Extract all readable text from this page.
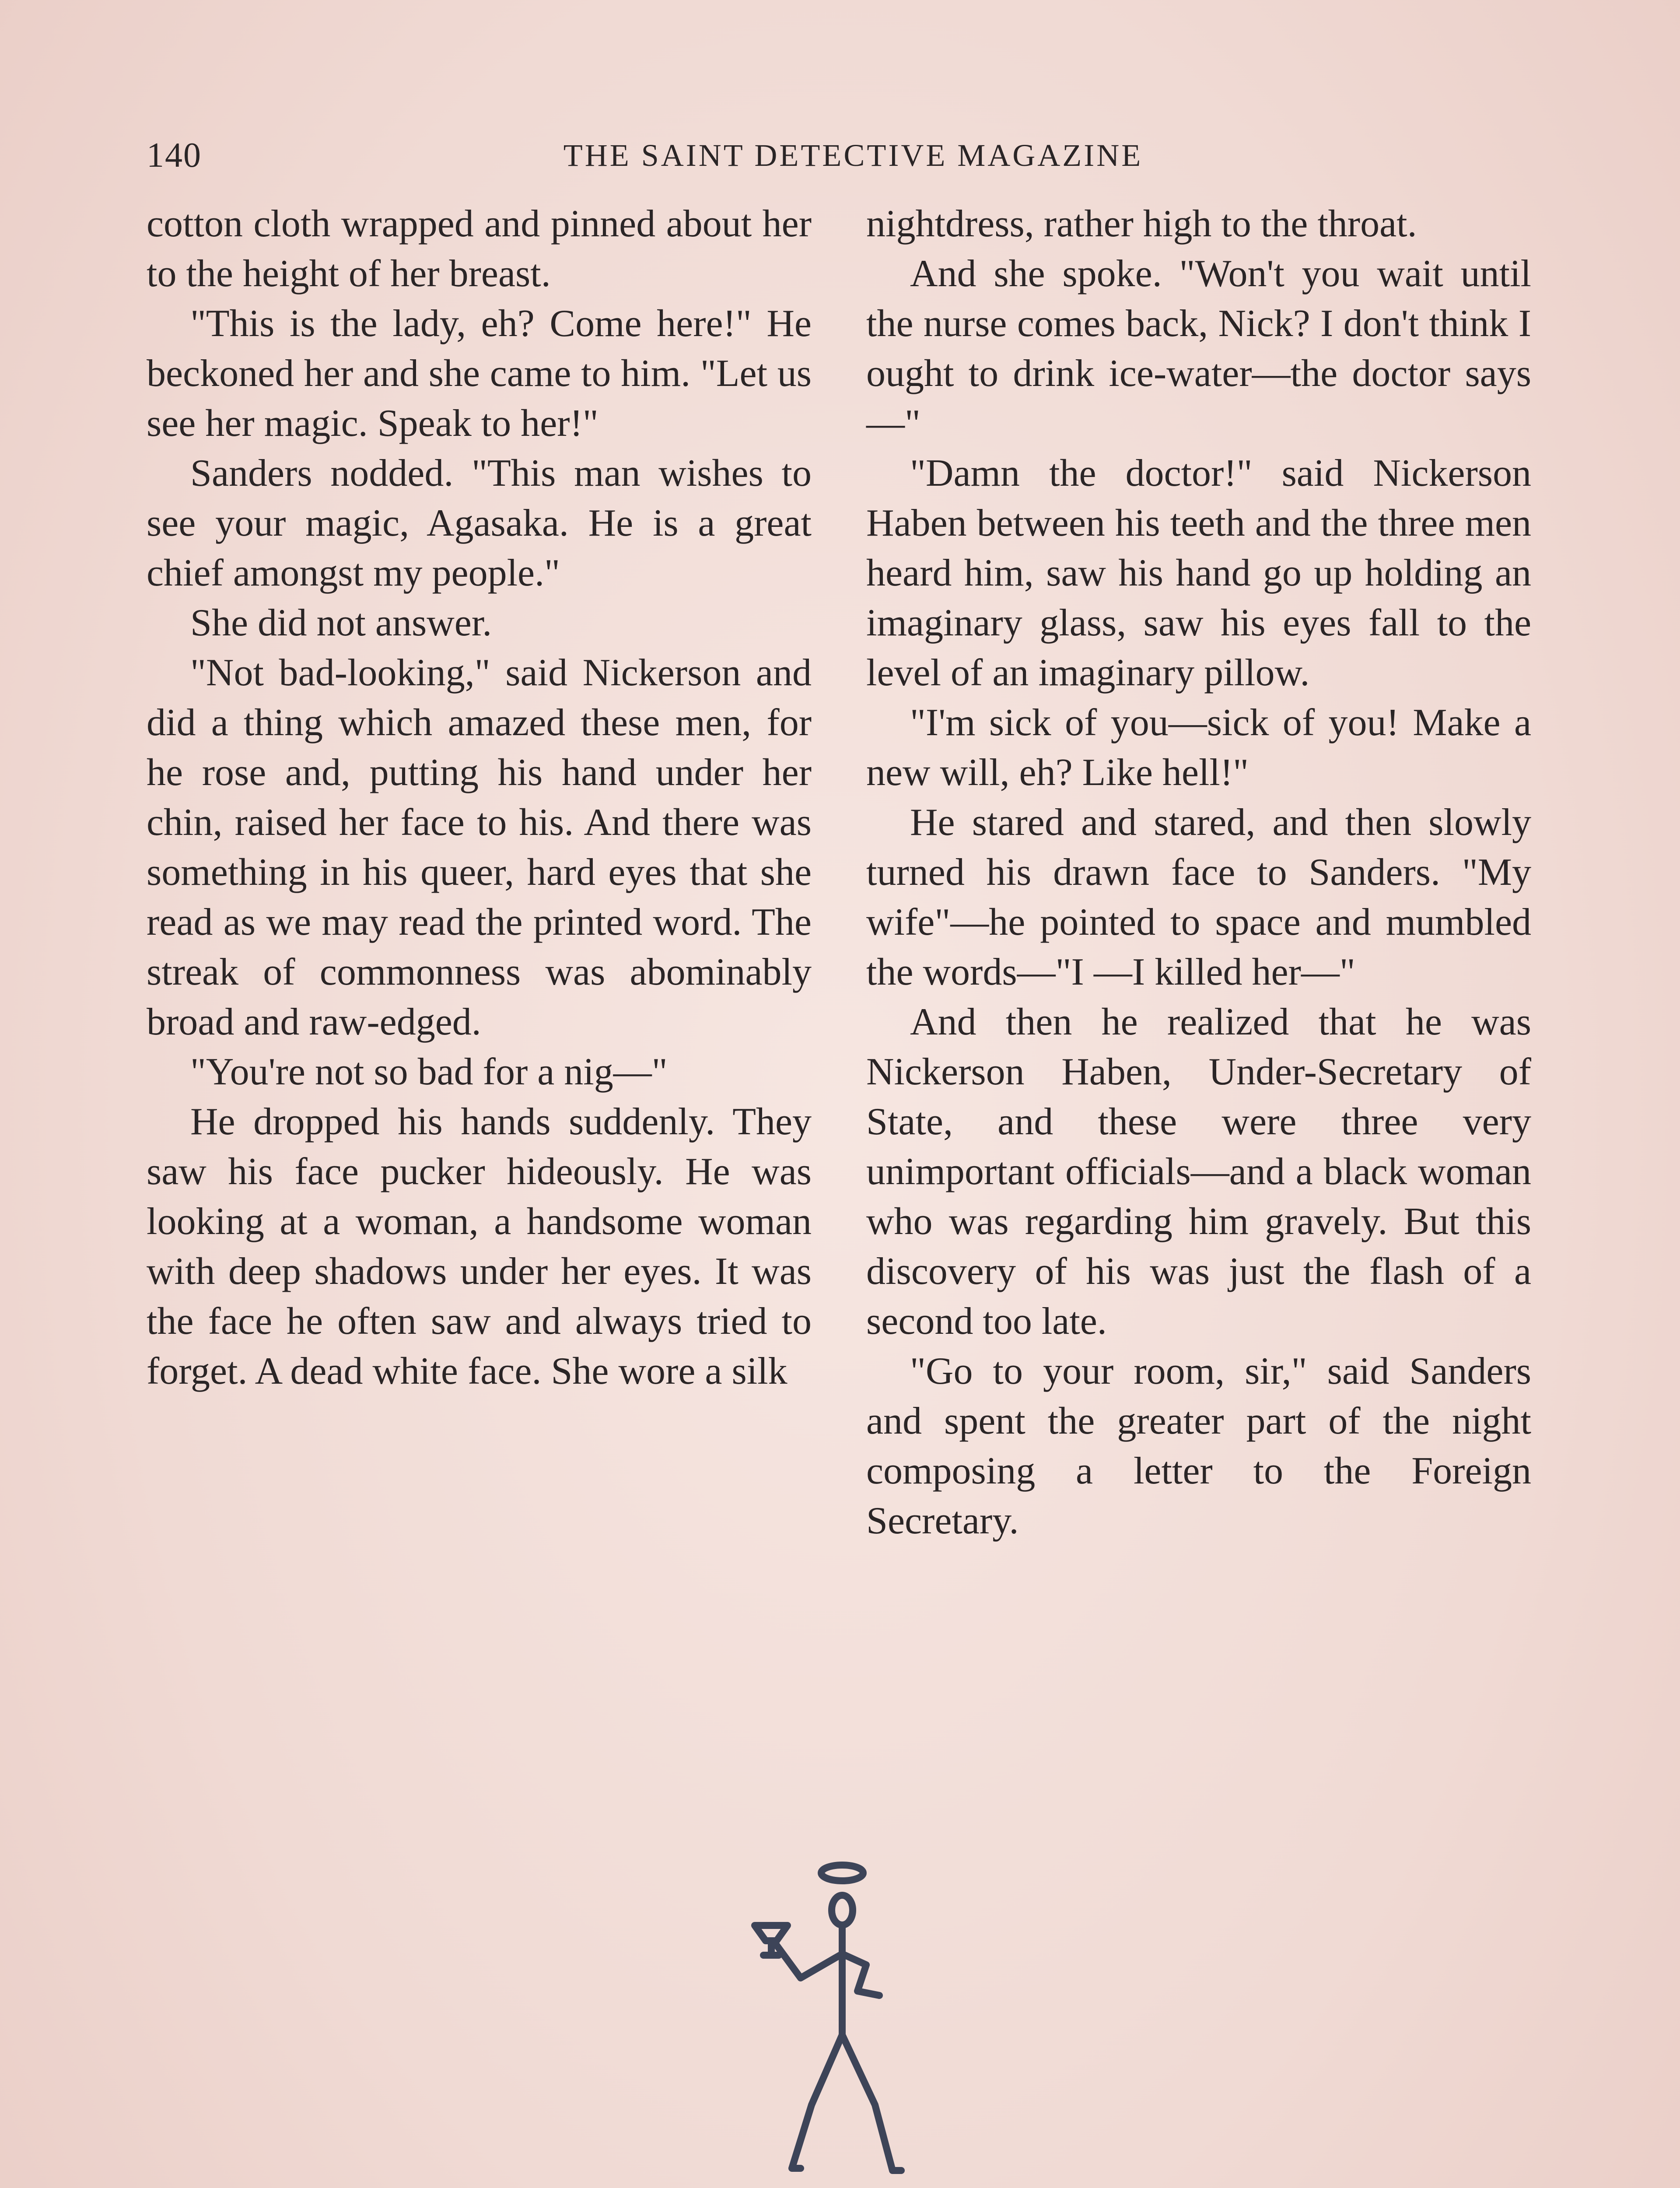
140	THE SAINT DETECTIVE MAGAZINE

cotton cloth wrapped and pinned about her to the height of her breast.

"This is the lady, eh? Come here!" He beckoned her and she came to him. "Let us see her magic. Speak to her!"

Sanders nodded. "This man wishes to see your magic, Agasaka. He is a great chief amongst my people."

She did not answer.

"Not bad-looking," said Nickerson and did a thing which amazed these men, for he rose and, putting his hand under her chin, raised her face to his. And there was something in his queer, hard eyes that she read as we may read the printed word. The streak of commonness was abominably broad and raw-edged.

"You're not so bad for a nig—"

He dropped his hands suddenly. They saw his face pucker hideously. He was looking at a woman, a handsome woman with deep shadows under her eyes. It was the face he often saw and always tried to forget. A dead white face. She wore a silk

nightdress, rather high to the throat.

And she spoke. "Won't you wait until the nurse comes back, Nick? I don't think I ought to drink ice-water—the doctor says—"

"Damn the doctor!" said Nickerson Haben between his teeth and the three men heard him, saw his hand go up holding an imaginary glass, saw his eyes fall to the level of an imaginary pillow.

"I'm sick of you—sick of you! Make a new will, eh? Like hell!"

He stared and stared, and then slowly turned his drawn face to Sanders. "My wife"—he pointed to space and mumbled the words—"I —I killed her—"

And then he realized that he was Nickerson Haben, Under-Secretary of State, and these were three very unimportant officials—and a black woman who was regarding him gravely. But this discovery of his was just the flash of a second too late.

"Go to your room, sir," said Sanders and spent the greater part of the night composing a letter to the Foreign Secretary.
